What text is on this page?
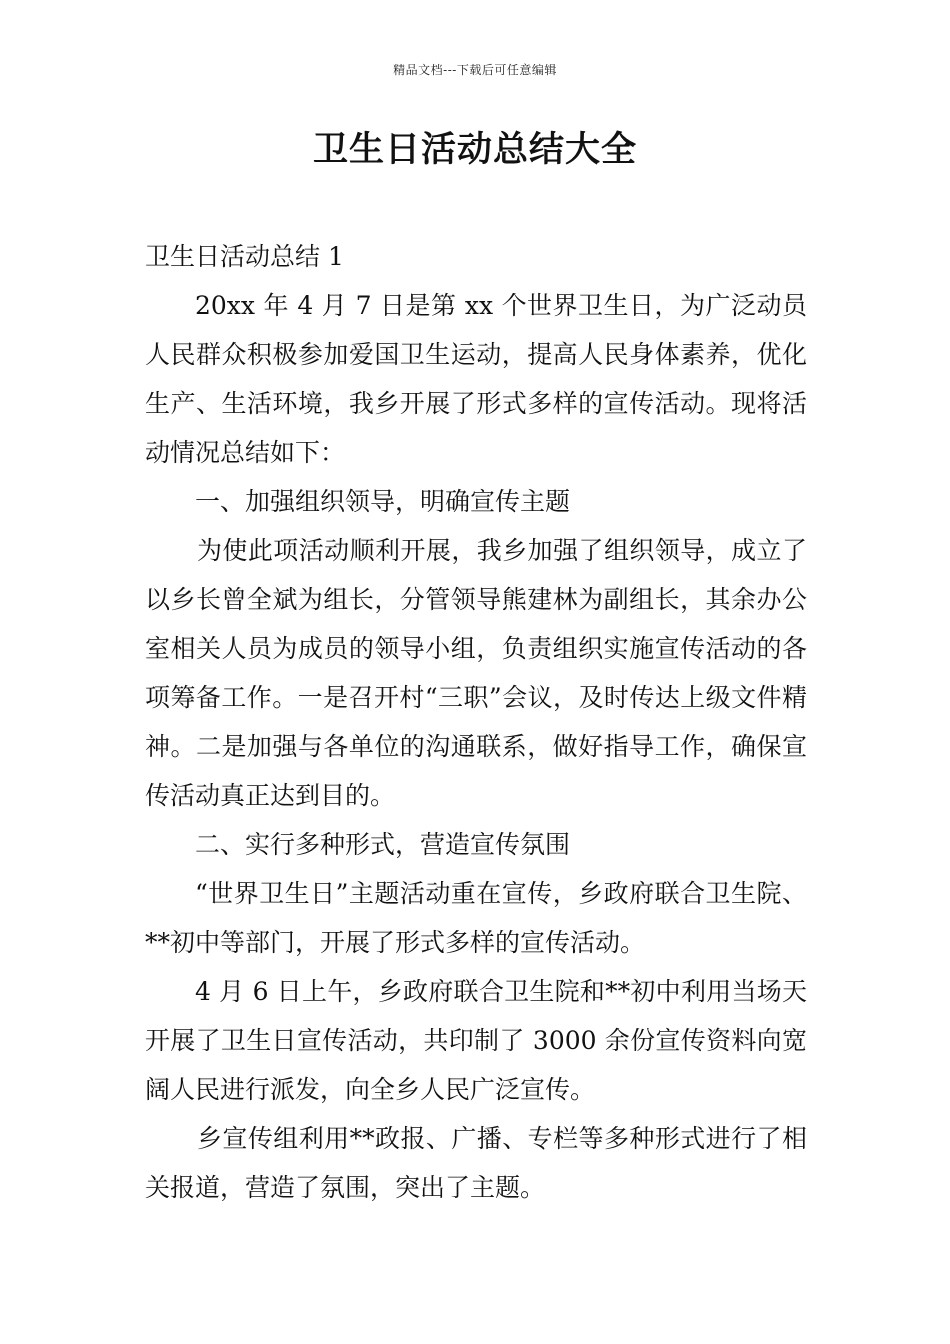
精品文档---下载后可任意编辑
卫生日活动总结大全

卫生日活动总结 1

20xx 年 4 月 7 日是第 xx 个世界卫生日，为广泛动员人民群众积极参加爱国卫生运动，提高人民身体素养，优化生产、生活环境，我乡开展了形式多样的宣传活动。现将活动情况总结如下：

一、加强组织领导，明确宣传主题

为使此项活动顺利开展，我乡加强了组织领导，成立了以乡长曾全斌为组长，分管领导熊建林为副组长，其余办公室相关人员为成员的领导小组，负责组织实施宣传活动的各项筹备工作。一是召开村“三职”会议，及时传达上级文件精神。二是加强与各单位的沟通联系，做好指导工作，确保宣传活动真正达到目的。

二、实行多种形式，营造宣传氛围

“世界卫生日”主题活动重在宣传，乡政府联合卫生院、**初中等部门，开展了形式多样的宣传活动。

4 月 6 日上午，乡政府联合卫生院和**初中利用当场天开展了卫生日宣传活动，共印制了 3000 余份宣传资料向宽阔人民进行派发，向全乡人民广泛宣传。

乡宣传组利用**政报、广播、专栏等多种形式进行了相关报道，营造了氛围，突出了主题。
